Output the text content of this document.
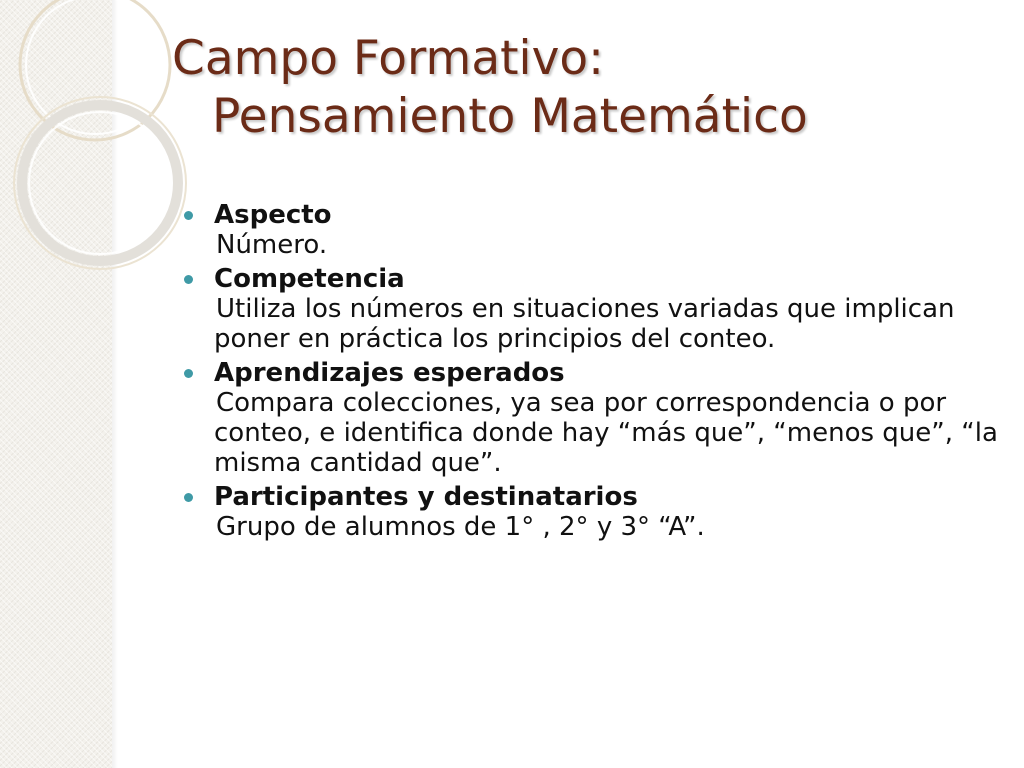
Campo Formativo:

Pensamiento Matemático
Aspecto
Número.
Competencia
Utiliza los números en situaciones variadas que implican poner en práctica los principios del conteo.
Aprendizajes esperados
Compara colecciones, ya sea por correspondencia o por conteo, e identifica donde hay “más que”, “menos que”, “la misma cantidad que”.
Participantes y destinatarios
Grupo de alumnos de 1° , 2° y 3° “A”.
